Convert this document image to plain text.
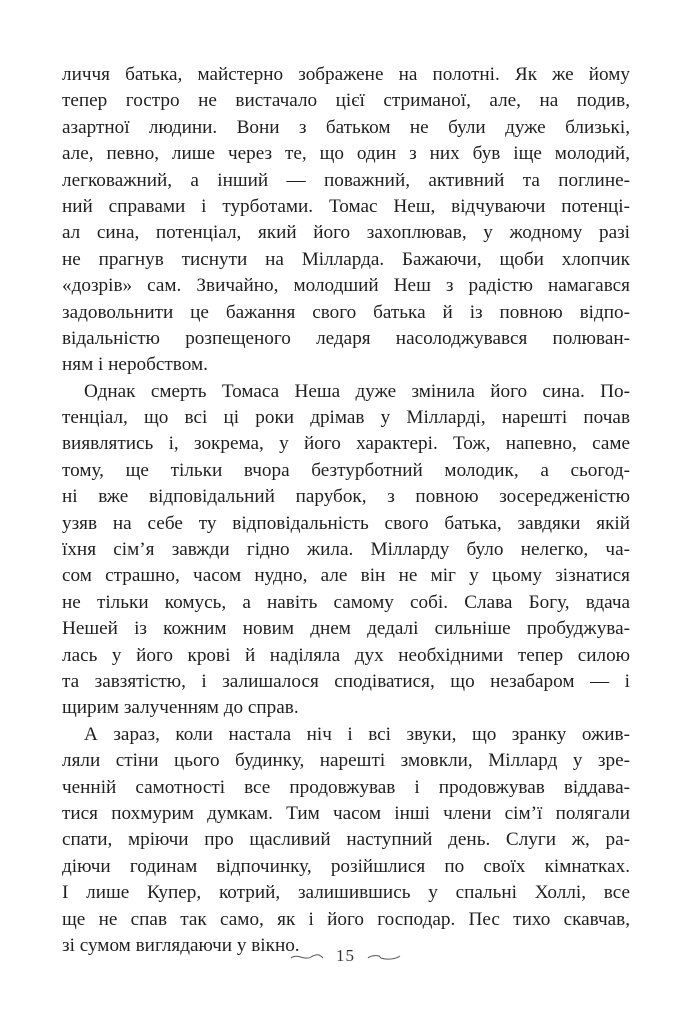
личчя батька, майстерно зображене на полотні. Як же йому
тепер гостро не вистачало цієї стриманої, але, на подив,
азартної людини. Вони з батьком не були дуже близькі,
але, певно, лише через те, що один з них був іще молодий,
легковажний, а інший — поважний, активний та поглине-
ний справами і турботами. Томас Неш, відчуваючи потенці-
ал сина, потенціал, який його захоплював, у жодному разі
не прагнув тиснути на Мілларда. Бажаючи, щоби хлопчик
«дозрів» сам. Звичайно, молодший Неш з радістю намагався
задовольнити це бажання свого батька й із повною відпо-
відальністю розпещеного ледаря насолоджувався полюван-
ням і неробством.
Однак смерть Томаса Неша дуже змінила його сина. По-
тенціал, що всі ці роки дрімав у Мілларді, нарешті почав
виявлятись і, зокрема, у його характері. Тож, напевно, саме
тому, ще тільки вчора безтурботний молодик, а сьогод-
ні вже відповідальний парубок, з повною зосередженістю
узяв на себе ту відповідальність свого батька, завдяки якій
їхня сім’я завжди гідно жила. Мілларду було нелегко, ча-
сом страшно, часом нудно, але він не міг у цьому зізнатися
не тільки комусь, а навіть самому собі. Слава Богу, вдача
Нешей із кожним новим днем дедалі сильніше пробуджува-
лась у його крові й наділяла дух необхідними тепер силою
та завзятістю, і залишалося сподіватися, що незабаром — і
щирим залученням до справ.
А зараз, коли настала ніч і всі звуки, що зранку ожив-
ляли стіни цього будинку, нарешті змовкли, Міллард у зре-
ченній самотності все продовжував і продовжував віддава-
тися похмурим думкам. Тим часом інші члени сім’ї полягали
спати, мріючи про щасливий наступний день. Слуги ж, ра-
діючи годинам відпочинку, розійшлися по своїх кімнатках.
І лише Купер, котрий, залишившись у спальні Холлі, все
ще не спав так само, як і його господар. Пес тихо скавчав,
зі сумом виглядаючи у вікно.	15
